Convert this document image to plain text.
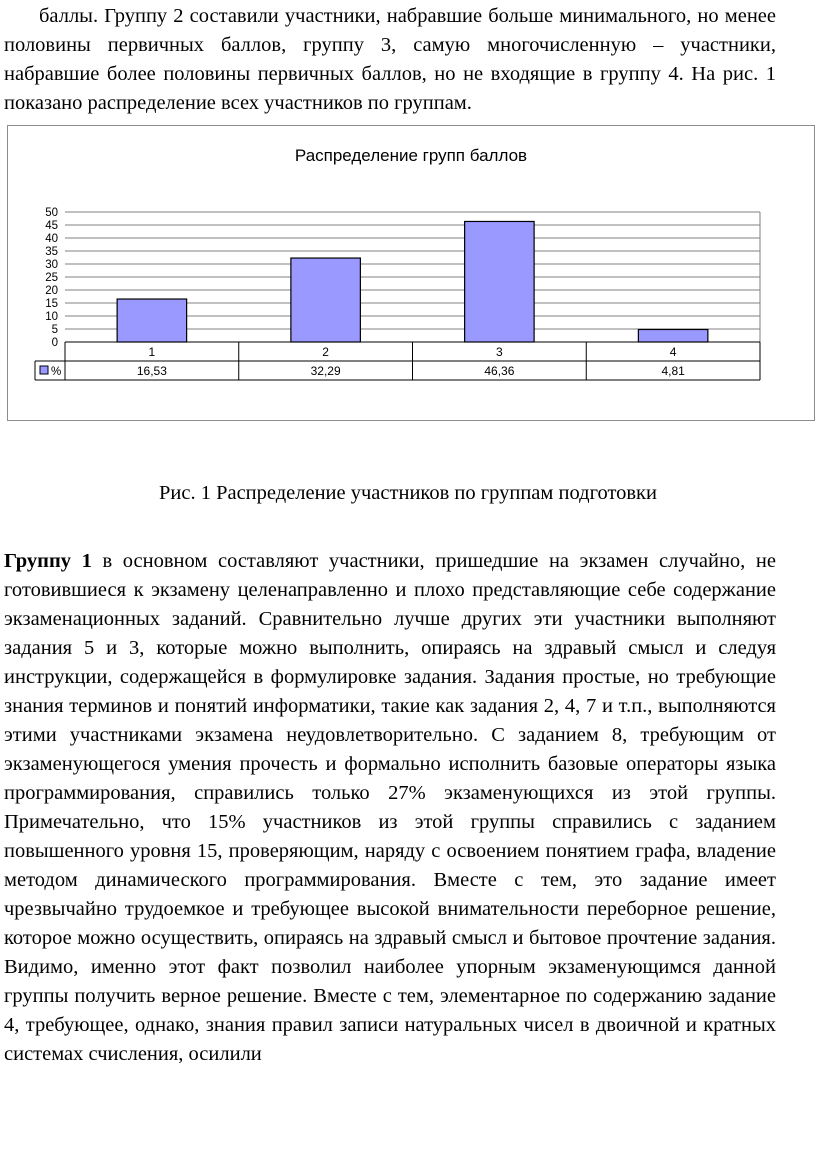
баллы. Группу 2 составили участники, набравшие больше минимального, но менее половины первичных баллов, группу 3, самую многочисленную – участники, набравшие более половины первичных баллов, но не входящие в группу 4. На рис. 1 показано распределение всех участников по группам.

Распределение групп баллов
0
5
10
15
20
25
30
35
40
45
50
1	2	3	4
16,53	32,29	46,36	4,81
%
Рис. 1 Распределение участников по группам подготовки

Группу 1 в основном составляют участники, пришедшие на экзамен случайно, не готовившиеся к экзамену целенаправленно и плохо представляющие себе содержание экзаменационных заданий. Сравнительно лучше других эти участники выполняют задания 5 и 3, которые можно выполнить, опираясь на здравый смысл и следуя инструкции, содержащейся в формулировке задания. Задания простые, но требующие знания терминов и понятий информатики, такие как задания 2, 4, 7 и т.п., выполняются этими участниками экзамена неудовлетворительно. С заданием 8, требующим от экзаменующегося умения прочесть и формально исполнить базовые операторы языка программирования, справились только 27% экзаменующихся из этой группы. Примечательно, что 15% участников из этой группы справились с заданием повышенного уровня 15, проверяющим, наряду с освоением понятием графа, владение методом динамического программирования. Вместе с тем, это задание имеет чрезвычайно трудоемкое и требующее высокой внимательности переборное решение, которое можно осуществить, опираясь на здравый смысл и бытовое прочтение задания. Видимо, именно этот факт позволил наиболее упорным экзаменующимся данной группы получить верное решение. Вместе с тем, элементарное по содержанию задание 4, требующее, однако, знания правил записи натуральных чисел в двоичной и кратных системах счисления, осилили
